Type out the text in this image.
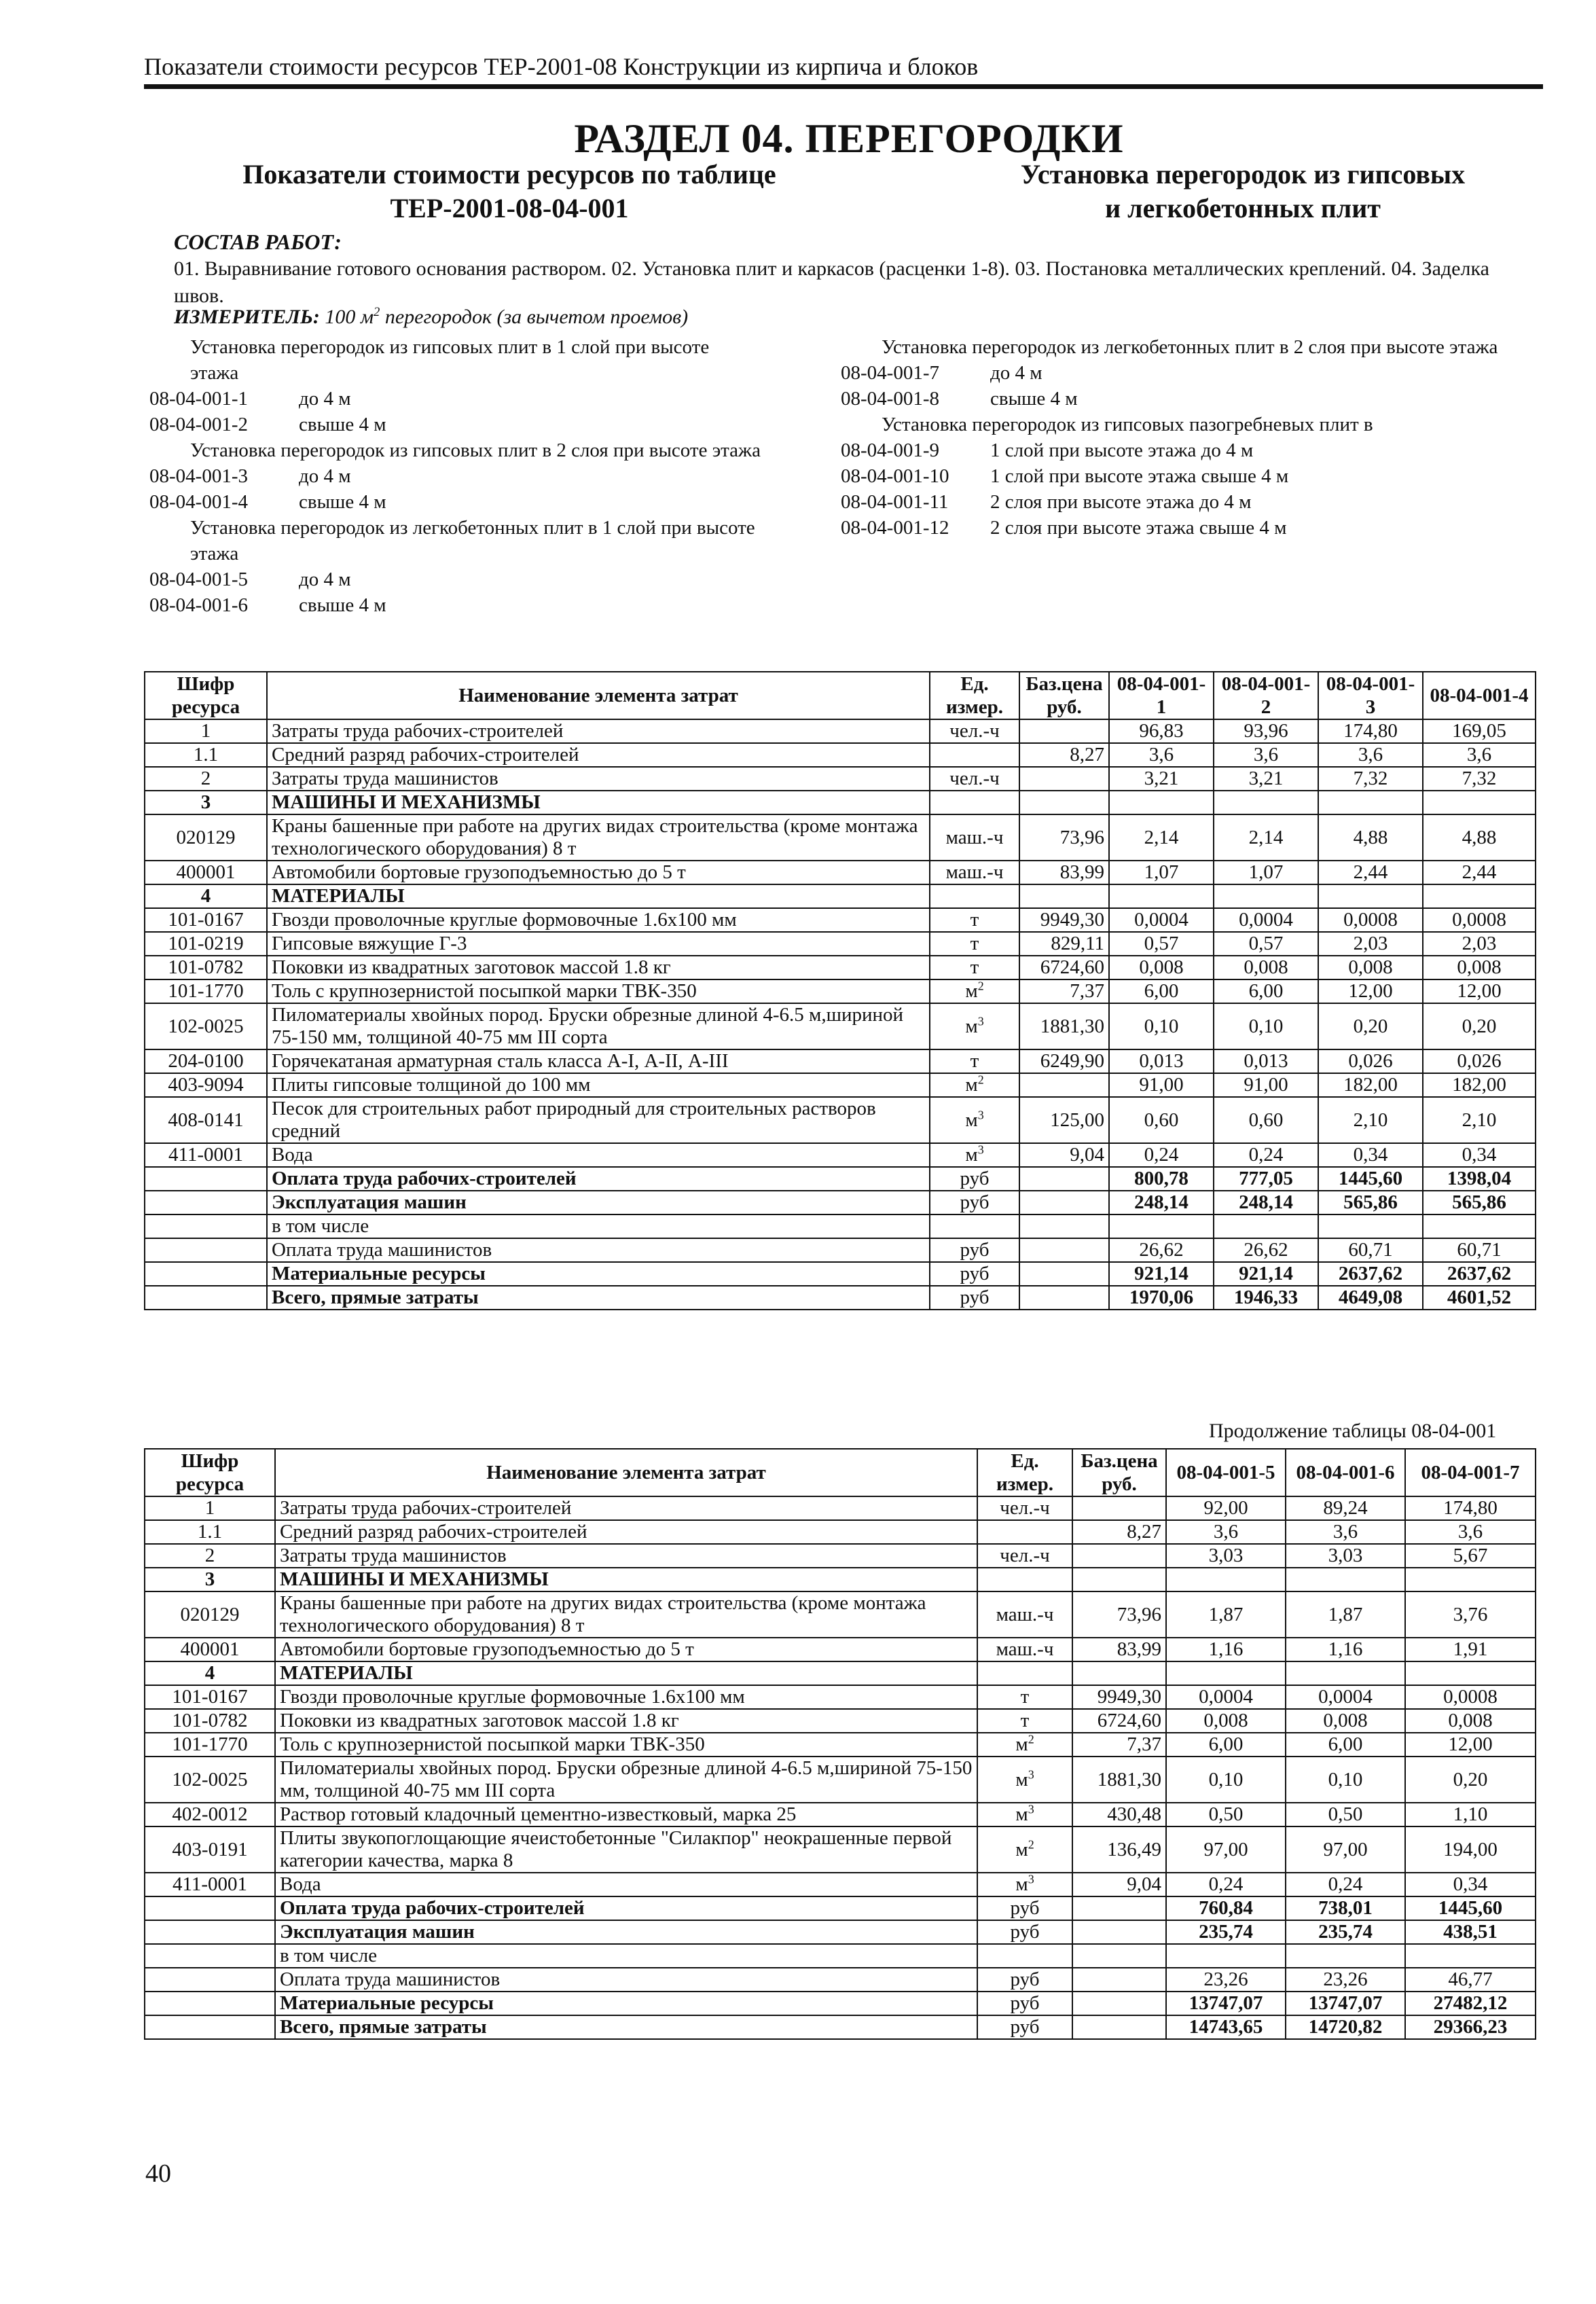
Показатели стоимости ресурсов ТЕР-2001-08 Конструкции из кирпича и блоков
РАЗДЕЛ 04. ПЕРЕГОРОДКИ
Показатели стоимости ресурсов по таблице
ТЕР-2001-08-04-001
Установка перегородок из гипсовых
и легкобетонных плит
СОСТАВ РАБОТ:
01. Выравнивание готового основания раствором. 02. Установка плит и каркасов (расценки 1-8). 03. Постановка металлических креплений. 04. Заделка швов.
ИЗМЕРИТЕЛЬ: 100 $м^2$ перегородок (за вычетом проемов)
Установка перегородок из гипсовых плит в 1 слой при высоте этажа
08-04-001-1	до 4 м
08-04-001-2	свыше 4 м
Установка перегородок из гипсовых плит в 2 слоя при высоте этажа
08-04-001-3	до 4 м
08-04-001-4	свыше 4 м
Установка перегородок из легкобетонных плит в 1 слой при высоте этажа
08-04-001-5	до 4 м
08-04-001-6	свыше 4 м
Установка перегородок из легкобетонных плит в 2 слоя при высоте этажа
08-04-001-7	до 4 м
08-04-001-8	свыше 4 м
Установка перегородок из гипсовых пазогребневых плит в
08-04-001-9	1 слой при высоте этажа до 4 м
08-04-001-10	1 слой при высоте этажа свыше 4 м
08-04-001-11	2 слоя при высоте этажа до 4 м
08-04-001-12	2 слоя при высоте этажа свыше 4 м
Шифр ресурса	Наименование элемента затрат	Ед. измер.	Баз.цена руб.	08-04-001-1	08-04-001-2	08-04-001-3	08-04-001-4
1	Затраты труда рабочих-строителей	чел.-ч		96,83	93,96	174,80	169,05
1.1	Средний разряд рабочих-строителей		8,27	3,6	3,6	3,6	3,6
2	Затраты труда машинистов	чел.-ч		3,21	3,21	7,32	7,32
3	МАШИНЫ И МЕХАНИЗМЫ						
020129	Краны башенные при работе на других видах строительства (кроме монтажа технологического оборудования) 8 т	маш.-ч	73,96	2,14	2,14	4,88	4,88
400001	Автомобили бортовые грузоподъемностью до 5 т	маш.-ч	83,99	1,07	1,07	2,44	2,44
4	МАТЕРИАЛЫ						
101-0167	Гвозди проволочные круглые формовочные 1.6х100 мм	т	9949,30	0,0004	0,0004	0,0008	0,0008
101-0219	Гипсовые вяжущие Г-3	т	829,11	0,57	0,57	2,03	2,03
101-0782	Поковки из квадратных заготовок массой 1.8 кг	т	6724,60	0,008	0,008	0,008	0,008
101-1770	Толь с крупнозернистой посыпкой марки ТВК-350	$м^2$	7,37	6,00	6,00	12,00	12,00
102-0025	Пиломатериалы хвойных пород. Бруски обрезные длиной 4-6.5 м,шириной 75-150 мм, толщиной 40-75 мм III сорта	$м^3$	1881,30	0,10	0,10	0,20	0,20
204-0100	Горячекатаная арматурная сталь класса А-I, А-II, А-III	т	6249,90	0,013	0,013	0,026	0,026
403-9094	Плиты гипсовые толщиной до 100 мм	$м^2$		91,00	91,00	182,00	182,00
408-0141	Песок для строительных работ природный для строительных растворов средний	$м^3$	125,00	0,60	0,60	2,10	2,10
411-0001	Вода	$м^3$	9,04	0,24	0,24	0,34	0,34
	Оплата труда рабочих-строителей	руб		800,78	777,05	1445,60	1398,04
	Эксплуатация машин	руб		248,14	248,14	565,86	565,86
	в том числе						
	Оплата труда машинистов	руб		26,62	26,62	60,71	60,71
	Материальные ресурсы	руб		921,14	921,14	2637,62	2637,62
	Всего, прямые затраты	руб		1970,06	1946,33	4649,08	4601,52
Продолжение таблицы 08-04-001
Шифр ресурса	Наименование элемента затрат	Ед. измер.	Баз.цена руб.	08-04-001-5	08-04-001-6	08-04-001-7
1	Затраты труда рабочих-строителей	чел.-ч		92,00	89,24	174,80
1.1	Средний разряд рабочих-строителей		8,27	3,6	3,6	3,6
2	Затраты труда машинистов	чел.-ч		3,03	3,03	5,67
3	МАШИНЫ И МЕХАНИЗМЫ					
020129	Краны башенные при работе на других видах строительства (кроме монтажа технологического оборудования) 8 т	маш.-ч	73,96	1,87	1,87	3,76
400001	Автомобили бортовые грузоподъемностью до 5 т	маш.-ч	83,99	1,16	1,16	1,91
4	МАТЕРИАЛЫ					
101-0167	Гвозди проволочные круглые формовочные 1.6х100 мм	т	9949,30	0,0004	0,0004	0,0008
101-0782	Поковки из квадратных заготовок массой 1.8 кг	т	6724,60	0,008	0,008	0,008
101-1770	Толь с крупнозернистой посыпкой марки ТВК-350	$м^2$	7,37	6,00	6,00	12,00
102-0025	Пиломатериалы хвойных пород. Бруски обрезные длиной 4-6.5 м,шириной 75-150 мм, толщиной 40-75 мм III сорта	$м^3$	1881,30	0,10	0,10	0,20
402-0012	Раствор готовый кладочный цементно-известковый, марка 25	$м^3$	430,48	0,50	0,50	1,10
403-0191	Плиты звукопоглощающие ячеистобетонные "Силакпор" неокрашенные первой категории качества, марка 8	$м^2$	136,49	97,00	97,00	194,00
411-0001	Вода	$м^3$	9,04	0,24	0,24	0,34
	Оплата труда рабочих-строителей	руб		760,84	738,01	1445,60
	Эксплуатация машин	руб		235,74	235,74	438,51
	в том числе					
	Оплата труда машинистов	руб		23,26	23,26	46,77
	Материальные ресурсы	руб		13747,07	13747,07	27482,12
	Всего, прямые затраты	руб		14743,65	14720,82	29366,23
40
